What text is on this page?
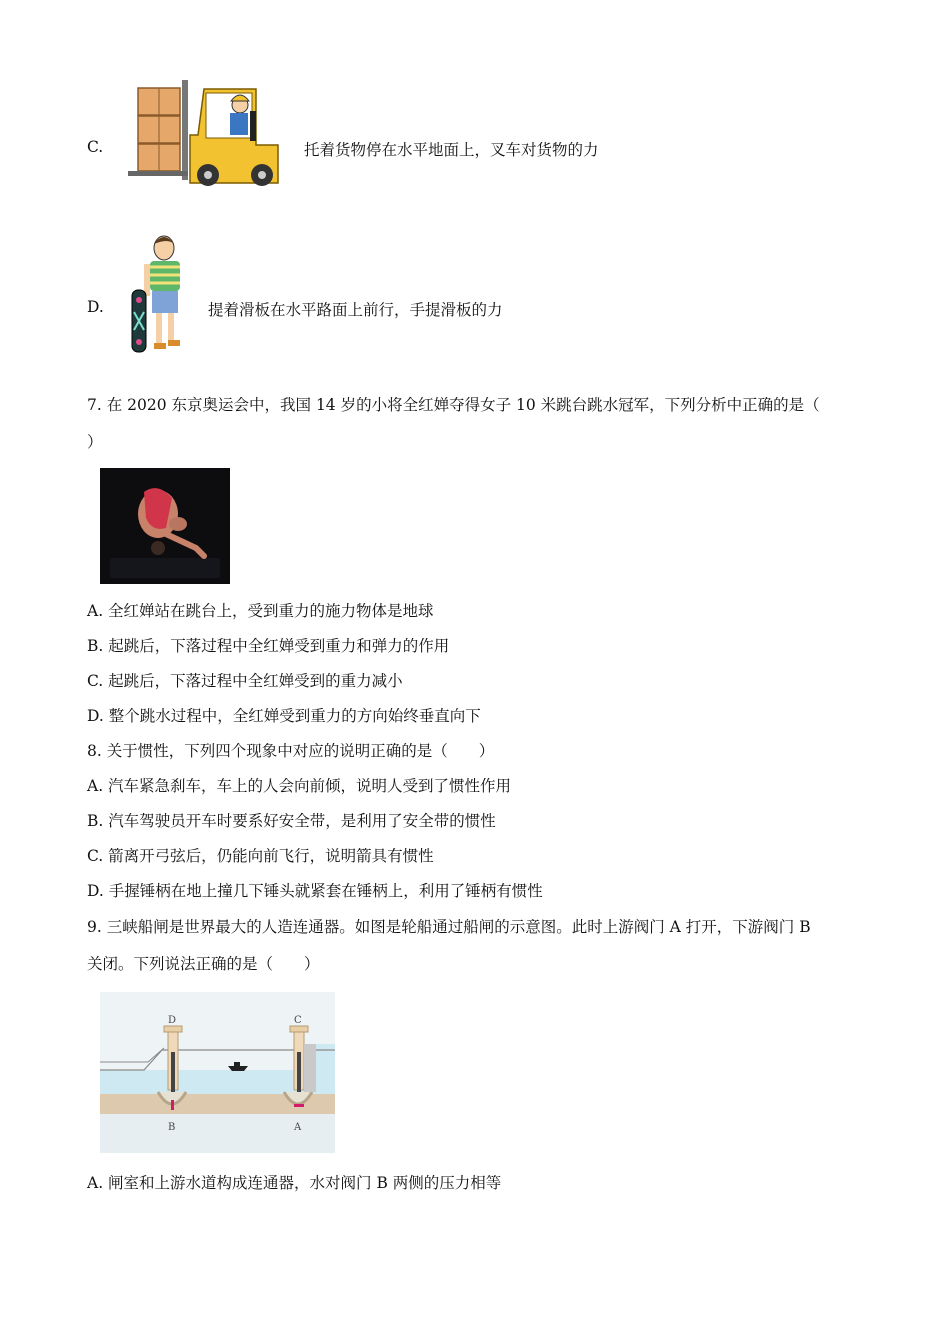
C.	托着货物停在水平地面上，叉车对货物的力
D.	提着滑板在水平路面上前行，手提滑板的力
7. 在 2020 东京奥运会中，我国 14 岁的小将全红婵夺得女子 10 米跳台跳水冠军，下列分析中正确的是（
）
A. 全红婵站在跳台上，受到重力的施力物体是地球
B. 起跳后，下落过程中全红婵受到重力和弹力的作用
C. 起跳后，下落过程中全红婵受到的重力减小
D. 整个跳水过程中，全红婵受到重力的方向始终垂直向下
8. 关于惯性，下列四个现象中对应的说明正确的是（　　）
A. 汽车紧急刹车，车上的人会向前倾，说明人受到了惯性作用
B. 汽车驾驶员开车时要系好安全带，是利用了安全带的惯性
C. 箭离开弓弦后，仍能向前飞行，说明箭具有惯性
D. 手握锤柄在地上撞几下锤头就紧套在锤柄上，利用了锤柄有惯性
9. 三峡船闸是世界最大的人造连通器。如图是轮船通过船闸的示意图。此时上游阀门 A 打开，下游阀门 B
关闭。下列说法正确的是（　　）
D	C
B	A
A. 闸室和上游水道构成连通器，水对阀门 B 两侧的压力相等
